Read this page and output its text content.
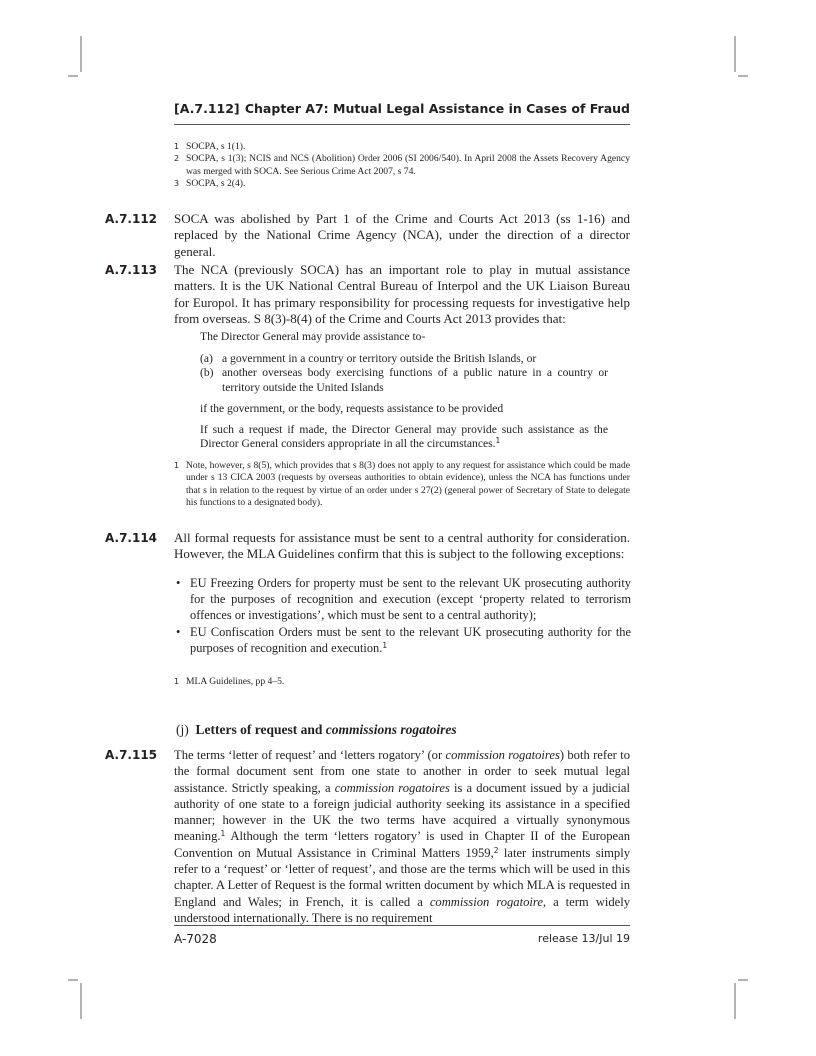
[A.7.112] Chapter A7: Mutual Legal Assistance in Cases of Fraud
1 SOCPA, s 1(1).
2 SOCPA, s 1(3); NCIS and NCS (Abolition) Order 2006 (SI 2006/540). In April 2008 the Assets Recovery Agency was merged with SOCA. See Serious Crime Act 2007, s 74.
3 SOCPA, s 2(4).
A.7.112	SOCA was abolished by Part 1 of the Crime and Courts Act 2013 (ss 1-16) and replaced by the National Crime Agency (NCA), under the direction of a director general.
A.7.113	The NCA (previously SOCA) has an important role to play in mutual assistance matters. It is the UK National Central Bureau of Interpol and the UK Liaison Bureau for Europol. It has primary responsibility for processing requests for investigative help from overseas. S 8(3)-8(4) of the Crime and Courts Act 2013 provides that:

The Director General may provide assistance to-

(a) a government in a country or territory outside the British Islands, or
(b) another overseas body exercising functions of a public nature in a country or territory outside the United Islands

if the government, or the body, requests assistance to be provided

If such a request if made, the Director General may provide such assistance as the Director General considers appropriate in all the circumstances.$^1$

1 Note, however, s 8(5), which provides that s 8(3) does not apply to any request for assistance which could be made under s 13 CICA 2003 (requests by overseas authorities to obtain evidence), unless the NCA has functions under that s in relation to the request by virtue of an order under s 27(2) (general power of Secretary of State to delegate his functions to a designated body).
A.7.114	All formal requests for assistance must be sent to a central authority for consideration. However, the MLA Guidelines confirm that this is subject to the following exceptions:
• EU Freezing Orders for property must be sent to the relevant UK prosecuting authority for the purposes of recognition and execution (except ‘property related to terrorism offences or investigations’, which must be sent to a central authority);
• EU Confiscation Orders must be sent to the relevant UK prosecuting authority for the purposes of recognition and execution.$^1$
1 MLA Guidelines, pp 4–5.
(j) Letters of request and commissions rogatoires
A.7.115	The terms ‘letter of request’ and ‘letters rogatory’ (or commission rogatoires) both refer to the formal document sent from one state to another in order to seek mutual legal assistance. Strictly speaking, a commission rogatoires is a document issued by a judicial authority of one state to a foreign judicial authority seeking its assistance in a specified manner; however in the UK the two terms have acquired a virtually synonymous meaning.$^1$ Although the term ‘letters rogatory’ is used in Chapter II of the European Convention on Mutual Assistance in Criminal Matters 1959,$^2$ later instruments simply refer to a ‘request’ or ‘letter of request’, and those are the terms which will be used in this chapter. A Letter of Request is the formal written document by which MLA is requested in England and Wales; in French, it is called a commission rogatoire, a term widely understood internationally. There is no requirement
A-7028	release 13/Jul 19
